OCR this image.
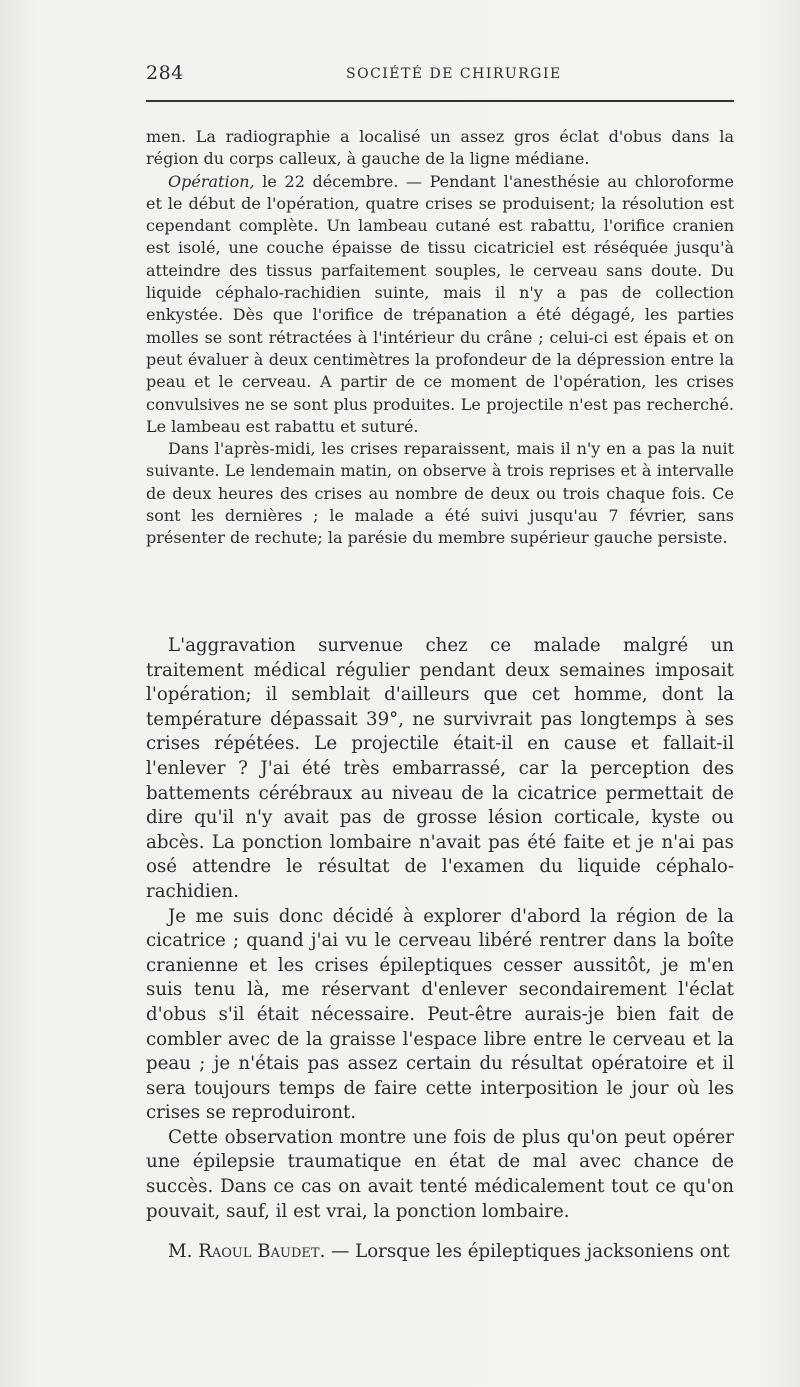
284	SOCIÉTÉ DE CHIRURGIE

men. La radiographie a localisé un assez gros éclat d'obus dans la région du corps calleux, à gauche de la ligne médiane.

Opération, le 22 décembre. — Pendant l'anesthésie au chloroforme et le début de l'opération, quatre crises se produisent; la résolution est cependant complète. Un lambeau cutané est rabattu, l'orifice cranien est isolé, une couche épaisse de tissu cicatriciel est réséquée jusqu'à atteindre des tissus parfaitement souples, le cerveau sans doute. Du liquide céphalo-rachidien suinte, mais il n'y a pas de collection enkystée. Dès que l'orifice de trépanation a été dégagé, les parties molles se sont rétractées à l'intérieur du crâne ; celui-ci est épais et on peut évaluer à deux centimètres la profondeur de la dépression entre la peau et le cerveau. A partir de ce moment de l'opération, les crises convulsives ne se sont plus produites. Le projectile n'est pas recherché. Le lambeau est rabattu et suturé.

Dans l'après-midi, les crises reparaissent, mais il n'y en a pas la nuit suivante. Le lendemain matin, on observe à trois reprises et à intervalle de deux heures des crises au nombre de deux ou trois chaque fois. Ce sont les dernières ; le malade a été suivi jusqu'au 7 février, sans présenter de rechute; la parésie du membre supérieur gauche persiste.

L'aggravation survenue chez ce malade malgré un traitement médical régulier pendant deux semaines imposait l'opération; il semblait d'ailleurs que cet homme, dont la température dépassait 39°, ne survivrait pas longtemps à ses crises répétées. Le projectile était-il en cause et fallait-il l'enlever ? J'ai été très embarrassé, car la perception des battements cérébraux au niveau de la cicatrice permettait de dire qu'il n'y avait pas de grosse lésion corticale, kyste ou abcès. La ponction lombaire n'avait pas été faite et je n'ai pas osé attendre le résultat de l'examen du liquide céphalo-rachidien.

Je me suis donc décidé à explorer d'abord la région de la cicatrice ; quand j'ai vu le cerveau libéré rentrer dans la boîte cranienne et les crises épileptiques cesser aussitôt, je m'en suis tenu là, me réservant d'enlever secondairement l'éclat d'obus s'il était nécessaire. Peut-être aurais-je bien fait de combler avec de la graisse l'espace libre entre le cerveau et la peau ; je n'étais pas assez certain du résultat opératoire et il sera toujours temps de faire cette interposition le jour où les crises se reproduiront.

Cette observation montre une fois de plus qu'on peut opérer une épilepsie traumatique en état de mal avec chance de succès. Dans ce cas on avait tenté médicalement tout ce qu'on pouvait, sauf, il est vrai, la ponction lombaire.

M. Raoul Baudet. — Lorsque les épileptiques jacksoniens ont
